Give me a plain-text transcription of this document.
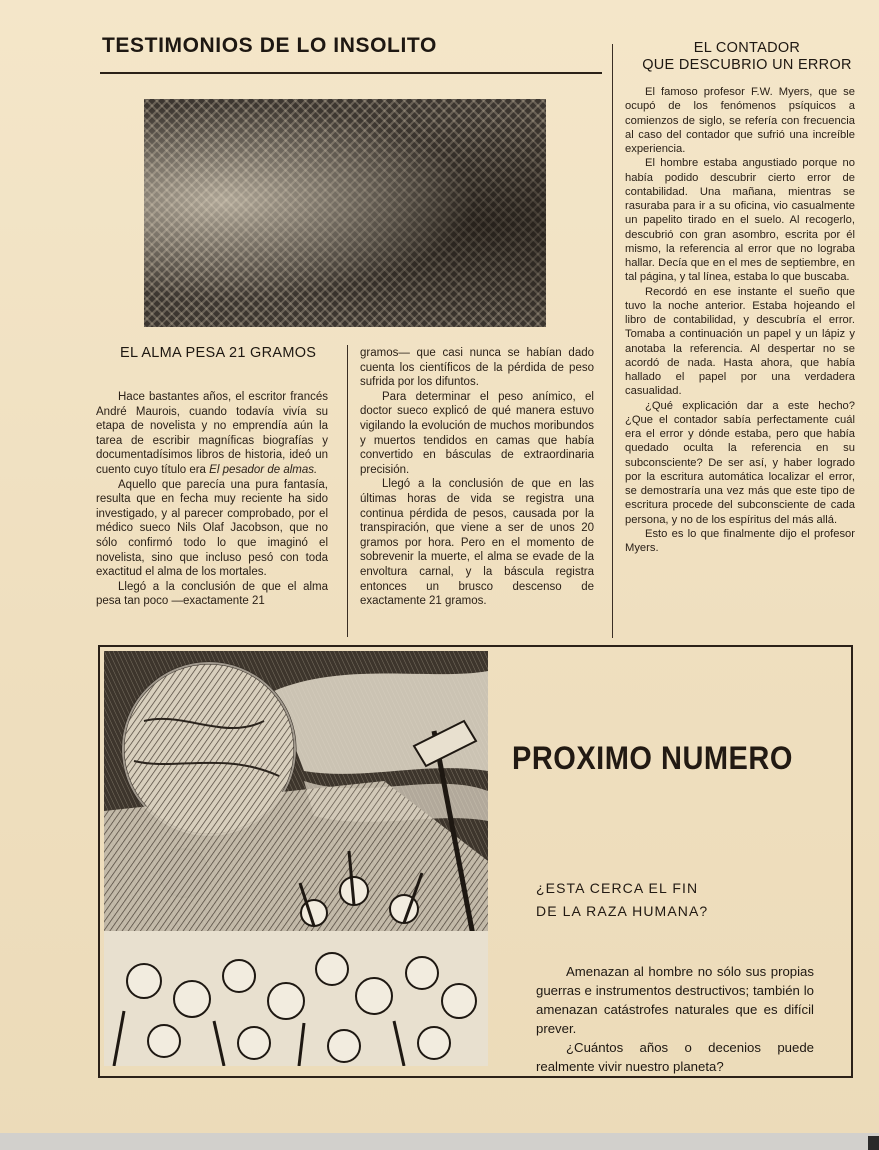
TESTIMONIOS DE LO INSOLITO
EL ALMA PESA 21 GRAMOS

Hace bastantes años, el escritor francés André Maurois, cuando todavía vivía su etapa de novelista y no emprendía aún la tarea de escribir magníficas biografías y documentadísimos libros de historia, ideó un cuento cuyo título era El pesador de almas.

Aquello que parecía una pura fantasía, resulta que en fecha muy reciente ha sido investigado, y al parecer comprobado, por el médico sueco Nils Olaf Jacobson, que no sólo confirmó todo lo que imaginó el novelista, sino que incluso pesó con toda exactitud el alma de los mortales.

Llegó a la conclusión de que el alma pesa tan poco —exactamente 21

gramos— que casi nunca se habían dado cuenta los científicos de la pérdida de peso sufrida por los difuntos.

Para determinar el peso anímico, el doctor sueco explicó de qué manera estuvo vigilando la evolución de muchos moribundos y muertos tendidos en camas que había convertido en básculas de extraordinaria precisión.

Llegó a la conclusión de que en las últimas horas de vida se registra una continua pérdida de pesos, causada por la transpiración, que viene a ser de unos 20 gramos por hora. Pero en el momento de sobrevenir la muerte, el alma se evade de la envoltura carnal, y la báscula registra entonces un brusco descenso de exactamente 21 gramos.

EL CONTADOR
QUE DESCUBRIO UN ERROR

El famoso profesor F.W. Myers, que se ocupó de los fenómenos psíquicos a comienzos de siglo, se refería con frecuencia al caso del contador que sufrió una increíble experiencia.

El hombre estaba angustiado porque no había podido descubrir cierto error de contabilidad. Una mañana, mientras se rasuraba para ir a su oficina, vio casualmente un papelito tirado en el suelo. Al recogerlo, descubrió con gran asombro, escrita por él mismo, la referencia al error que no lograba hallar. Decía que en el mes de septiembre, en tal página, y tal línea, estaba lo que buscaba.

Recordó en ese instante el sueño que tuvo la noche anterior. Estaba hojeando el libro de contabilidad, y descubría el error. Tomaba a continuación un papel y un lápiz y anotaba la referencia. Al despertar no se acordó de nada. Hasta ahora, que había hallado el papel por una verdadera casualidad.

¿Qué explicación dar a este hecho? ¿Que el contador sabía perfectamente cuál era el error y dónde estaba, pero que había quedado oculta la referencia en su subconsciente? De ser así, y haber logrado por la escritura automática localizar el error, se demostraría una vez más que este tipo de escritura procede del subconsciente de cada persona, y no de los espíritus del más allá.

Esto es lo que finalmente dijo el profesor Myers.

PROXIMO NUMERO
¿ESTA CERCA EL FIN
DE LA RAZA HUMANA?

Amenazan al hombre no sólo sus propias guerras e instrumentos destructivos; también lo amenazan catástrofes naturales que es difícil prever.

¿Cuántos años o decenios puede realmente vivir nuestro planeta?
